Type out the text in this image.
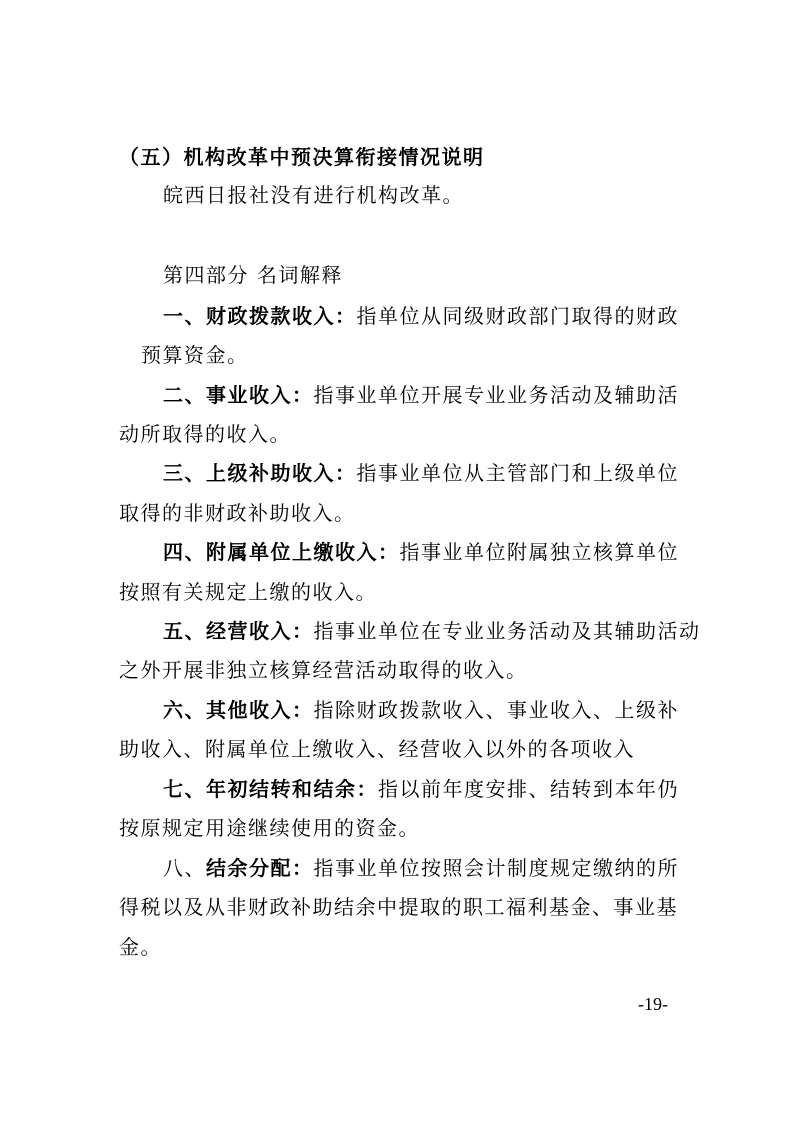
（五）机构改革中预决算衔接情况说明
皖西日报社没有进行机构改革。
第四部分 名词解释
一、财政拨款收入：指单位从同级财政部门取得的财政
预算资金。
二、事业收入：指事业单位开展专业业务活动及辅助活
动所取得的收入。
三、上级补助收入：指事业单位从主管部门和上级单位
取得的非财政补助收入。
四、附属单位上缴收入：指事业单位附属独立核算单位
按照有关规定上缴的收入。
五、经营收入：指事业单位在专业业务活动及其辅助活动
之外开展非独立核算经营活动取得的收入。
六、其他收入：指除财政拨款收入、事业收入、上级补
助收入、附属单位上缴收入、经营收入以外的各项收入
七、年初结转和结余：指以前年度安排、结转到本年仍
按原规定用途继续使用的资金。
八、结余分配：指事业单位按照会计制度规定缴纳的所
得税以及从非财政补助结余中提取的职工福利基金、事业基
金。
-19-
